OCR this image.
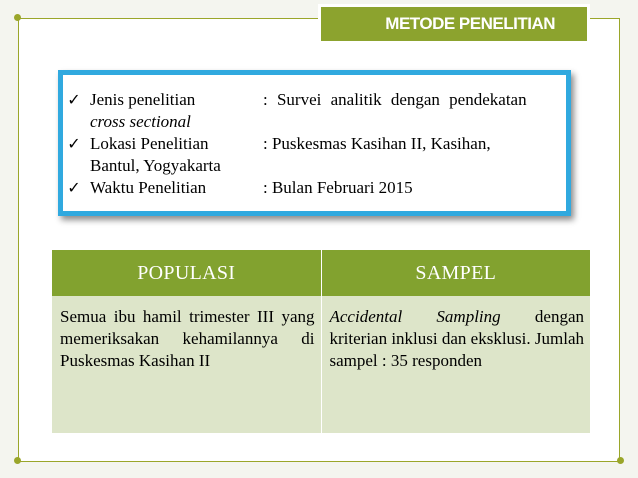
METODE PENELITIAN
✓ Jenis penelitian	: Survei analitik dengan pendekatan
cross sectional
✓ Lokasi Penelitian	: Puskesmas Kasihan II, Kasihan,
Bantul, Yogyakarta
✓ Waktu Penelitian	: Bulan Februari 2015
POPULASI	SAMPEL
Semua ibu hamil trimester III yang memeriksakan kehamilannya di Puskesmas Kasihan II	Accidental Sampling dengan kriterian inklusi dan eksklusi. Jumlah sampel : 35 responden
